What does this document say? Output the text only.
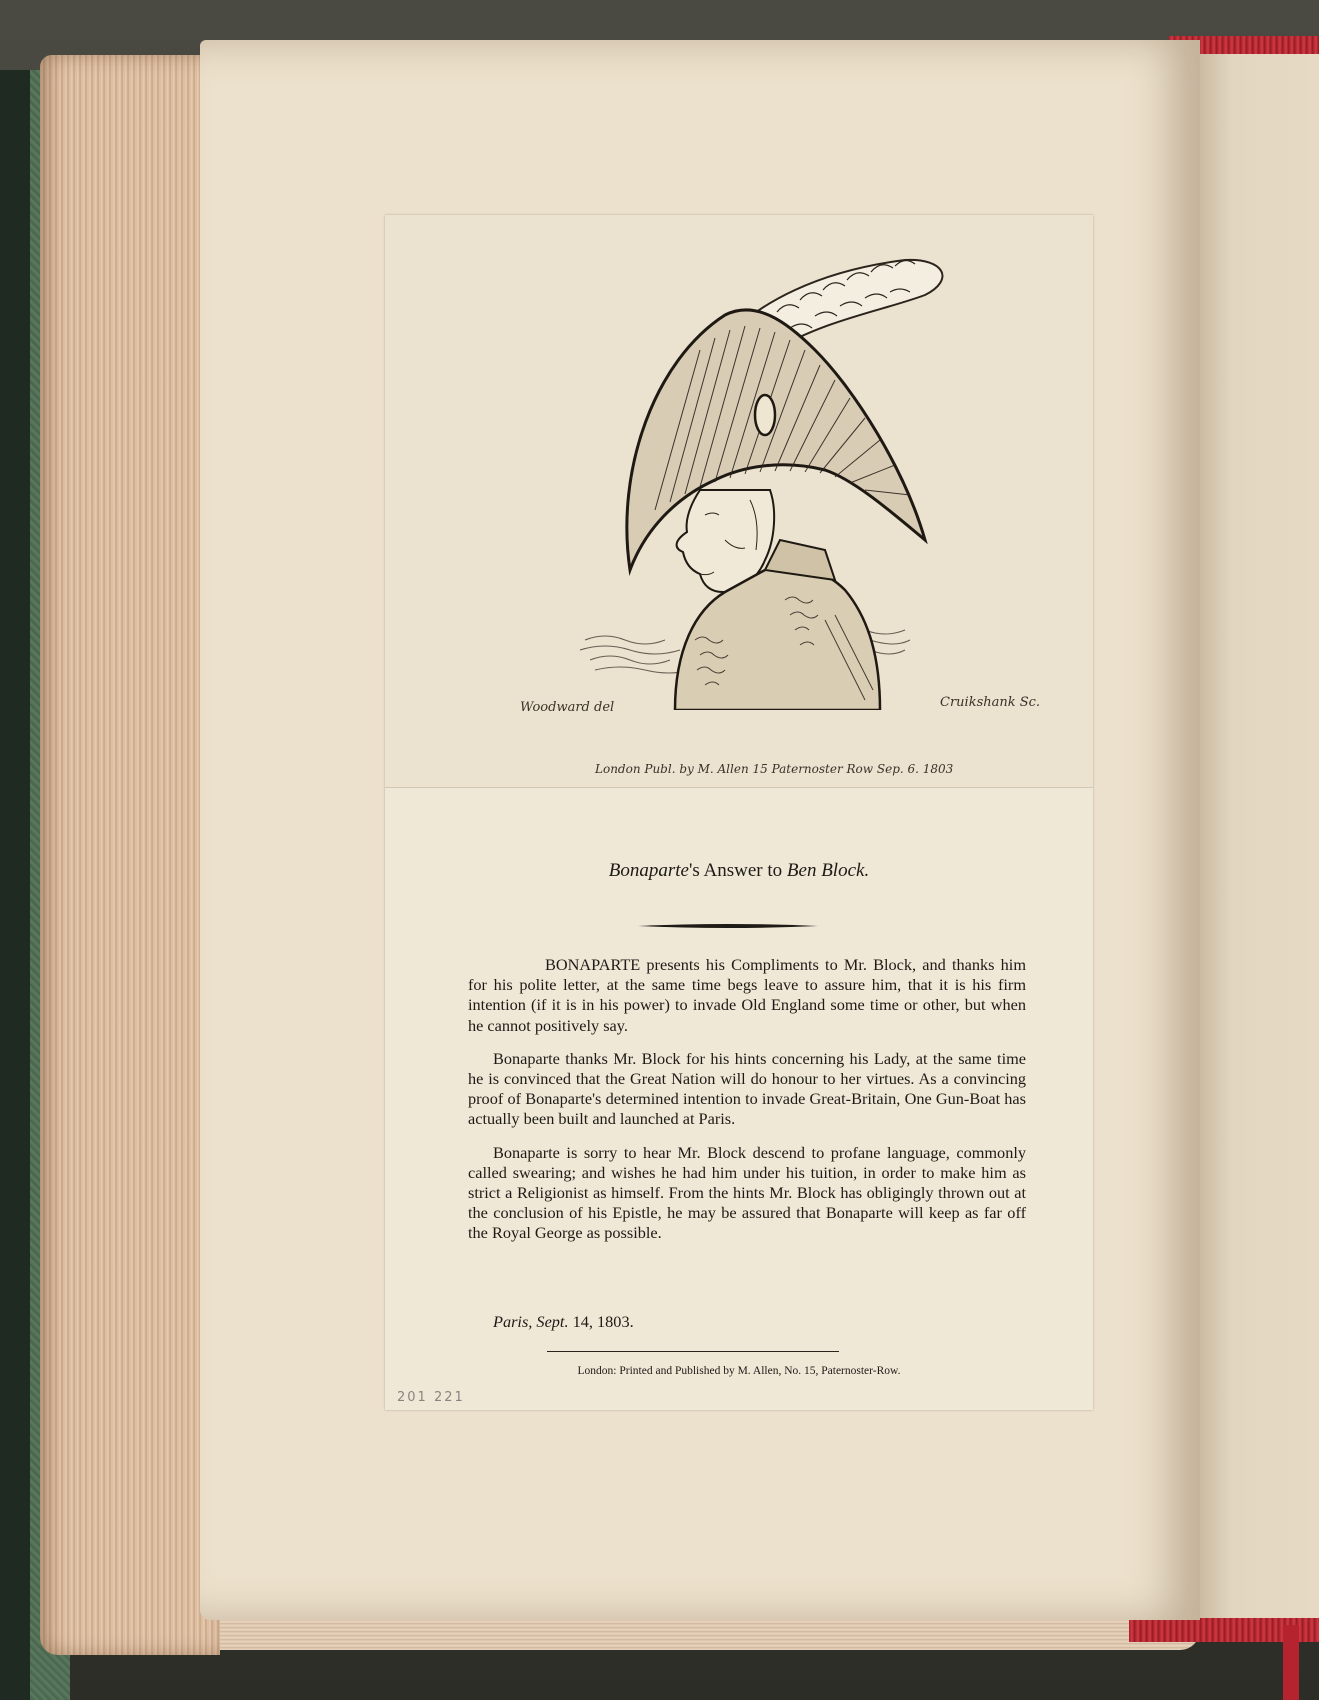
Woodward del	Cruikshank Sc.
London Publ. by M. Allen 15 Paternoster Row Sep. 6. 1803
Bonaparte's Answer to Ben Block.

BONAPARTE presents his Compliments to Mr. Block, and thanks him for his polite letter, at the same time begs leave to assure him, that it is his firm intention (if it is in his power) to invade Old England some time or other, but when he cannot positively say.

Bonaparte thanks Mr. Block for his hints concerning his Lady, at the same time he is convinced that the Great Nation will do honour to her virtues. As a convincing proof of Bonaparte's determined intention to invade Great-Britain, One Gun-Boat has actually been built and launched at Paris.

Bonaparte is sorry to hear Mr. Block descend to profane language, commonly called swearing; and wishes he had him under his tuition, in order to make him as strict a Religionist as himself. From the hints Mr. Block has obligingly thrown out at the conclusion of his Epistle, he may be assured that Bonaparte will keep as far off the Royal George as possible.

Paris, Sept. 14, 1803.
London: Printed and Published by M. Allen, No. 15, Paternoster-Row.
201 221
